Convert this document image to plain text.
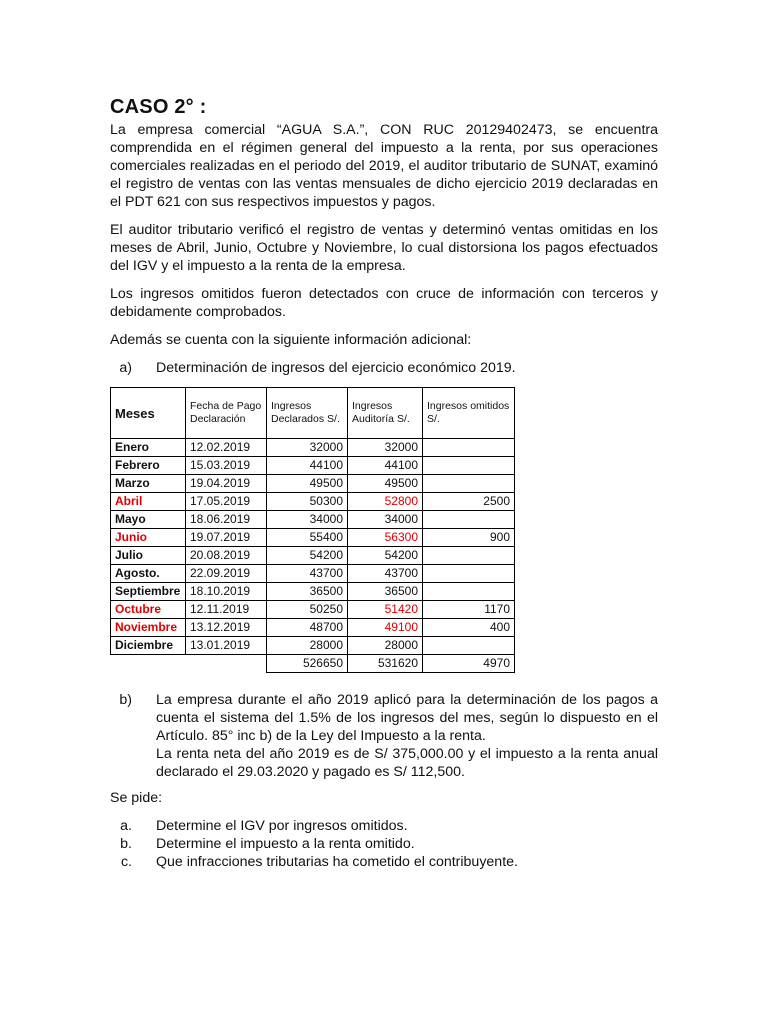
CASO 2° :

La empresa comercial “AGUA S.A.”, CON RUC 20129402473, se encuentra comprendida en el régimen general del impuesto a la renta, por sus operaciones comerciales realizadas en el periodo del 2019, el auditor tributario de SUNAT, examinó el registro de ventas con las ventas mensuales de dicho ejercicio 2019 declaradas en el PDT 621 con sus respectivos impuestos y pagos.

El auditor tributario verificó el registro de ventas y determinó ventas omitidas en los meses de Abril, Junio, Octubre y Noviembre, lo cual distorsiona los pagos efectuados del IGV y el impuesto a la renta de la empresa.

Los ingresos omitidos fueron detectados con cruce de información con terceros y debidamente comprobados.

Además se cuenta con la siguiente información adicional:

a)	Determinación de ingresos del ejercicio económico 2019.
Meses	Fecha de Pago Declaración	Ingresos Declarados S/.	Ingresos Auditoría S/.	Ingresos omitidos S/.
Enero	12.02.2019	32000	32000	
Febrero	15.03.2019	44100	44100	
Marzo	19.04.2019	49500	49500	
Abril	17.05.2019	50300	52800	2500
Mayo	18.06.2019	34000	34000	
Junio	19.07.2019	55400	56300	900
Julio	20.08.2019	54200	54200	
Agosto.	22.09.2019	43700	43700	
Septiembre	18.10.2019	36500	36500	
Octubre	12.11.2019	50250	51420	1170
Noviembre	13.12.2019	48700	49100	400
Diciembre	13.01.2019	28000	28000	
		526650	531620	4970
b)	La empresa durante el año 2019 aplicó para la determinación de los pagos a cuenta el sistema del 1.5% de los ingresos del mes, según lo dispuesto en el Artículo. 85° inc b) de la Ley del Impuesto a la renta.
La renta neta del año 2019 es de S/ 375,000.00 y el impuesto a la renta anual declarado el 29.03.2020 y pagado es S/ 112,500.

Se pide:

a.	Determine el IGV por ingresos omitidos.
b.	Determine el impuesto a la renta omitido.
c.	Que infracciones tributarias ha cometido el contribuyente.
